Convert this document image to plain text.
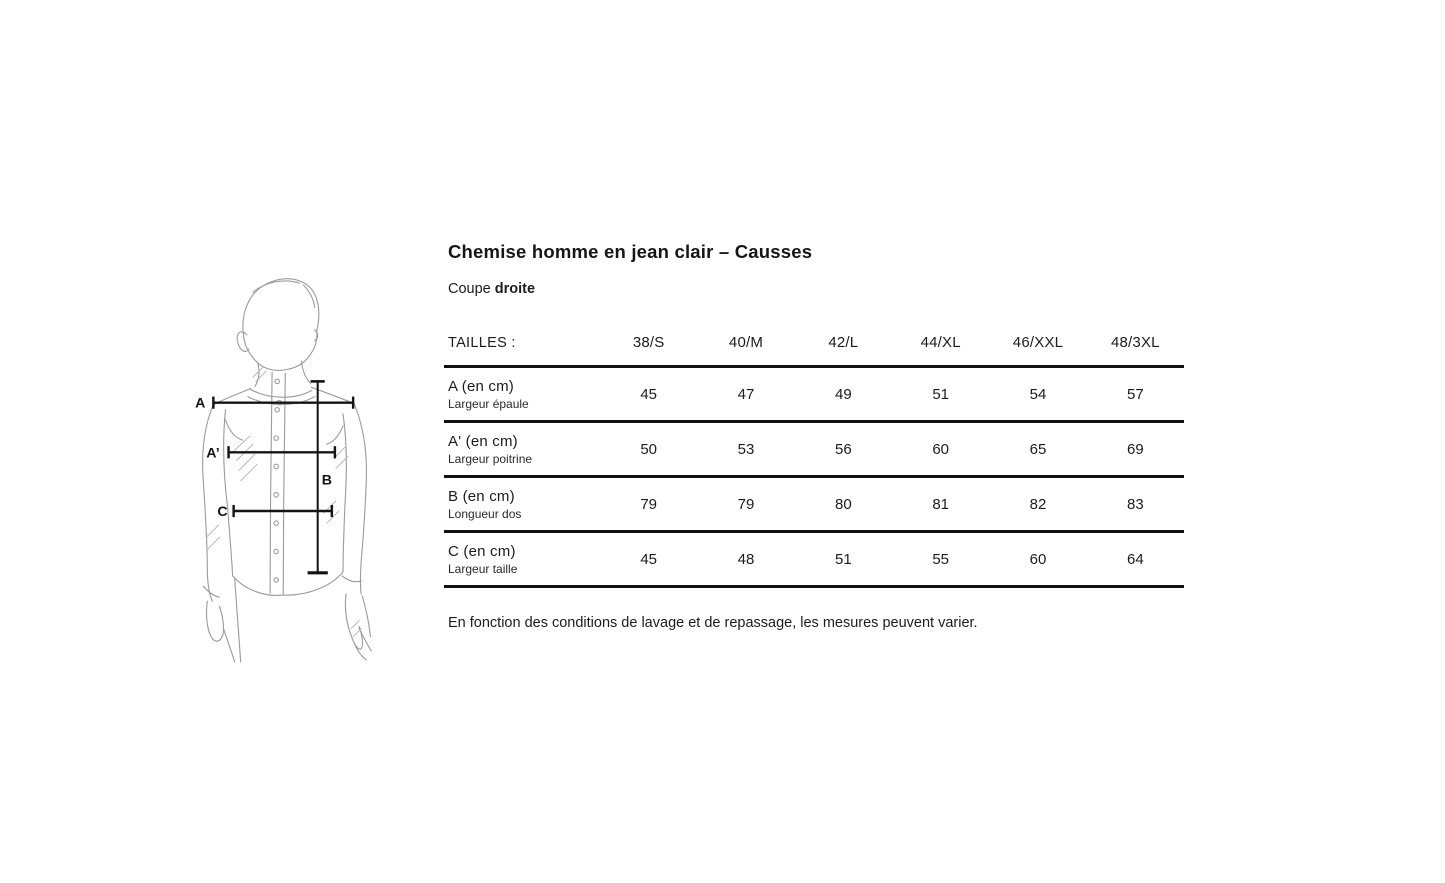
A
A’
B
C
Chemise homme en jean clair – Causses

Coupe droite

TAILLES :	38/S	40/M	42/L	44/XL	46/XXL	48/3XL
A (en cm)
Largeur épaule
45	47	49	51	54	57
A' (en cm)
Largeur poitrine
50	53	56	60	65	69
B (en cm)
Longueur dos
79	79	80	81	82	83
C (en cm)
Largeur taille
45	48	51	55	60	64

En fonction des conditions de lavage et de repassage, les mesures peuvent varier.
